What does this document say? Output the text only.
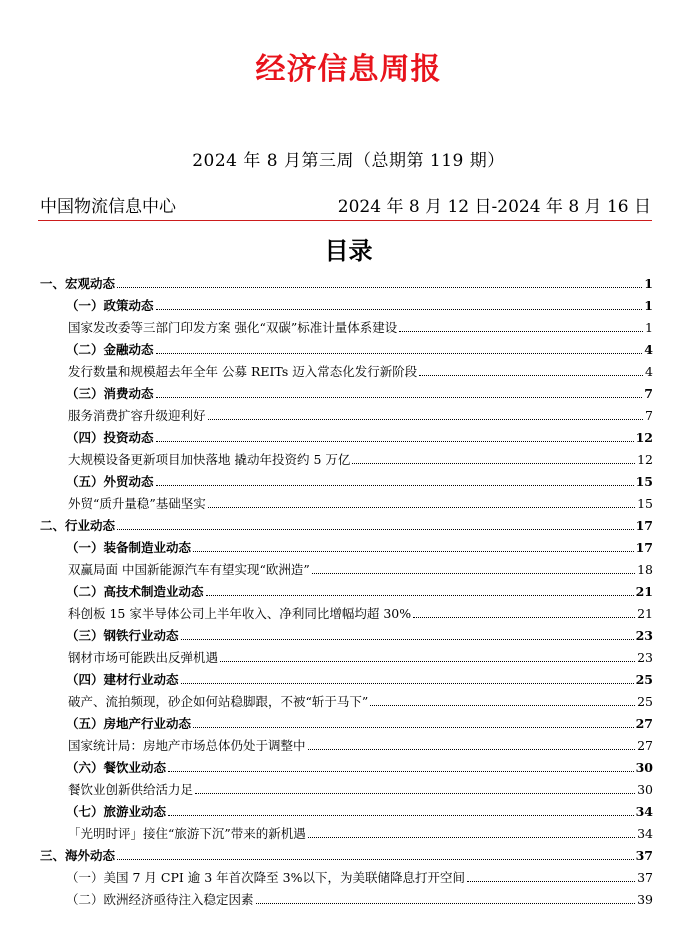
经济信息周报
2024 年 8 月第三周（总期第 119 期）
中国物流信息中心	2024 年 8 月 12 日-2024 年 8 月 16 日
目录
一、宏观动态	1
（一）政策动态	1
国家发改委等三部门印发方案 强化“双碳”标准计量体系建设	1
（二）金融动态	4
发行数量和规模超去年全年 公募 REITs 迈入常态化发行新阶段	4
（三）消费动态	7
服务消费扩容升级迎利好	7
（四）投资动态	12
大规模设备更新项目加快落地 撬动年投资约 5 万亿	12
（五）外贸动态	15
外贸“质升量稳”基础坚实	15
二、行业动态	17
（一）装备制造业动态	17
双赢局面 中国新能源汽车有望实现“欧洲造”	18
（二）高技术制造业动态	21
科创板 15 家半导体公司上半年收入、净利同比增幅均超 30%	21
（三）钢铁行业动态	23
钢材市场可能跌出反弹机遇	23
（四）建材行业动态	25
破产、流拍频现，砂企如何站稳脚跟，不被“斩于马下”	25
（五）房地产行业动态	27
国家统计局：房地产市场总体仍处于调整中	27
（六）餐饮业动态	30
餐饮业创新供给活力足	30
（七）旅游业动态	34
「光明时评」接住“旅游下沉”带来的新机遇	34
三、海外动态	37
（一）美国 7 月 CPI 逾 3 年首次降至 3%以下，为美联储降息打开空间	37
（二）欧洲经济亟待注入稳定因素	39
